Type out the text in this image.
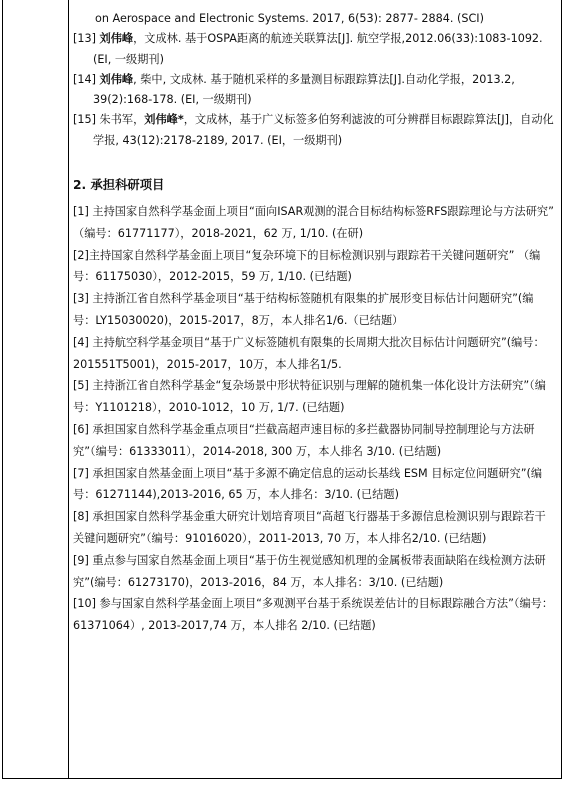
on Aerospace and Electronic Systems. 2017, 6(53): 2877- 2884. (SCI)

[13] 刘伟峰，文成林. 基于OSPA距离的航迹关联算法[J]. 航空学报,2012.06(33):1083-1092. (EI, 一级期刊)

[14] 刘伟峰, 柴中, 文成林. 基于随机采样的多量测目标跟踪算法[J].自动化学报，2013.2, 39(2):168-178. (EI, 一级期刊)

[15] 朱书军，刘伟峰*，文成林，基于广义标签多伯努利滤波的可分辨群目标跟踪算法[J]，自动化学报, 43(12):2178-2189, 2017. (EI，一级期刊)

2. 承担科研项目

[1] 主持国家自然科学基金面上项目“面向ISAR观测的混合目标结构标签RFS跟踪理论与方法研究” （编号：61771177），2018-2021，62 万, 1/10. (在研)

[2]主持国家自然科学基金面上项目“复杂环境下的目标检测识别与跟踪若干关键问题研究” （编号：61175030），2012-2015，59 万, 1/10. (已结题)

[3] 主持浙江省自然科学基金项目“基于结构标签随机有限集的扩展形变目标估计问题研究”(编号：LY15030020)，2015-2017，8万，本人排名1/6.（已结题）

[4] 主持航空科学基金项目“基于广义标签随机有限集的长周期大批次目标估计问题研究”(编号：201551T5001)，2015-2017，10万，本人排名1/5.

[5] 主持浙江省自然科学基金“复杂场景中形状特征识别与理解的随机集一体化设计方法研究”（编号：Y1101218），2010-1012，10 万, 1/7. (已结题)

[6] 承担国家自然科学基金重点项目“拦截高超声速目标的多拦截器协同制导控制理论与方法研究”（编号：61333011），2014-2018, 300 万，本人排名 3/10. (已结题)

[7] 承担国家自然基金面上项目“基于多源不确定信息的运动长基线 ESM 目标定位问题研究”(编号：61271144),2013-2016, 65 万，本人排名：3/10. (已结题)

[8] 承担国家自然科学基金重大研究计划培育项目“高超飞行器基于多源信息检测识别与跟踪若干关键问题研究”（编号：91016020），2011-2013, 70 万，本人排名2/10. (已结题)

[9] 重点参与国家自然基金面上项目“基于仿生视觉感知机理的金属板带表面缺陷在线检测方法研究”(编号：61273170)，2013-2016，84 万，本人排名：3/10. (已结题)

[10] 参与国家自然科学基金面上项目“多观测平台基于系统误差估计的目标跟踪融合方法”（编号：61371064）, 2013-2017,74 万，本人排名 2/10. (已结题)
